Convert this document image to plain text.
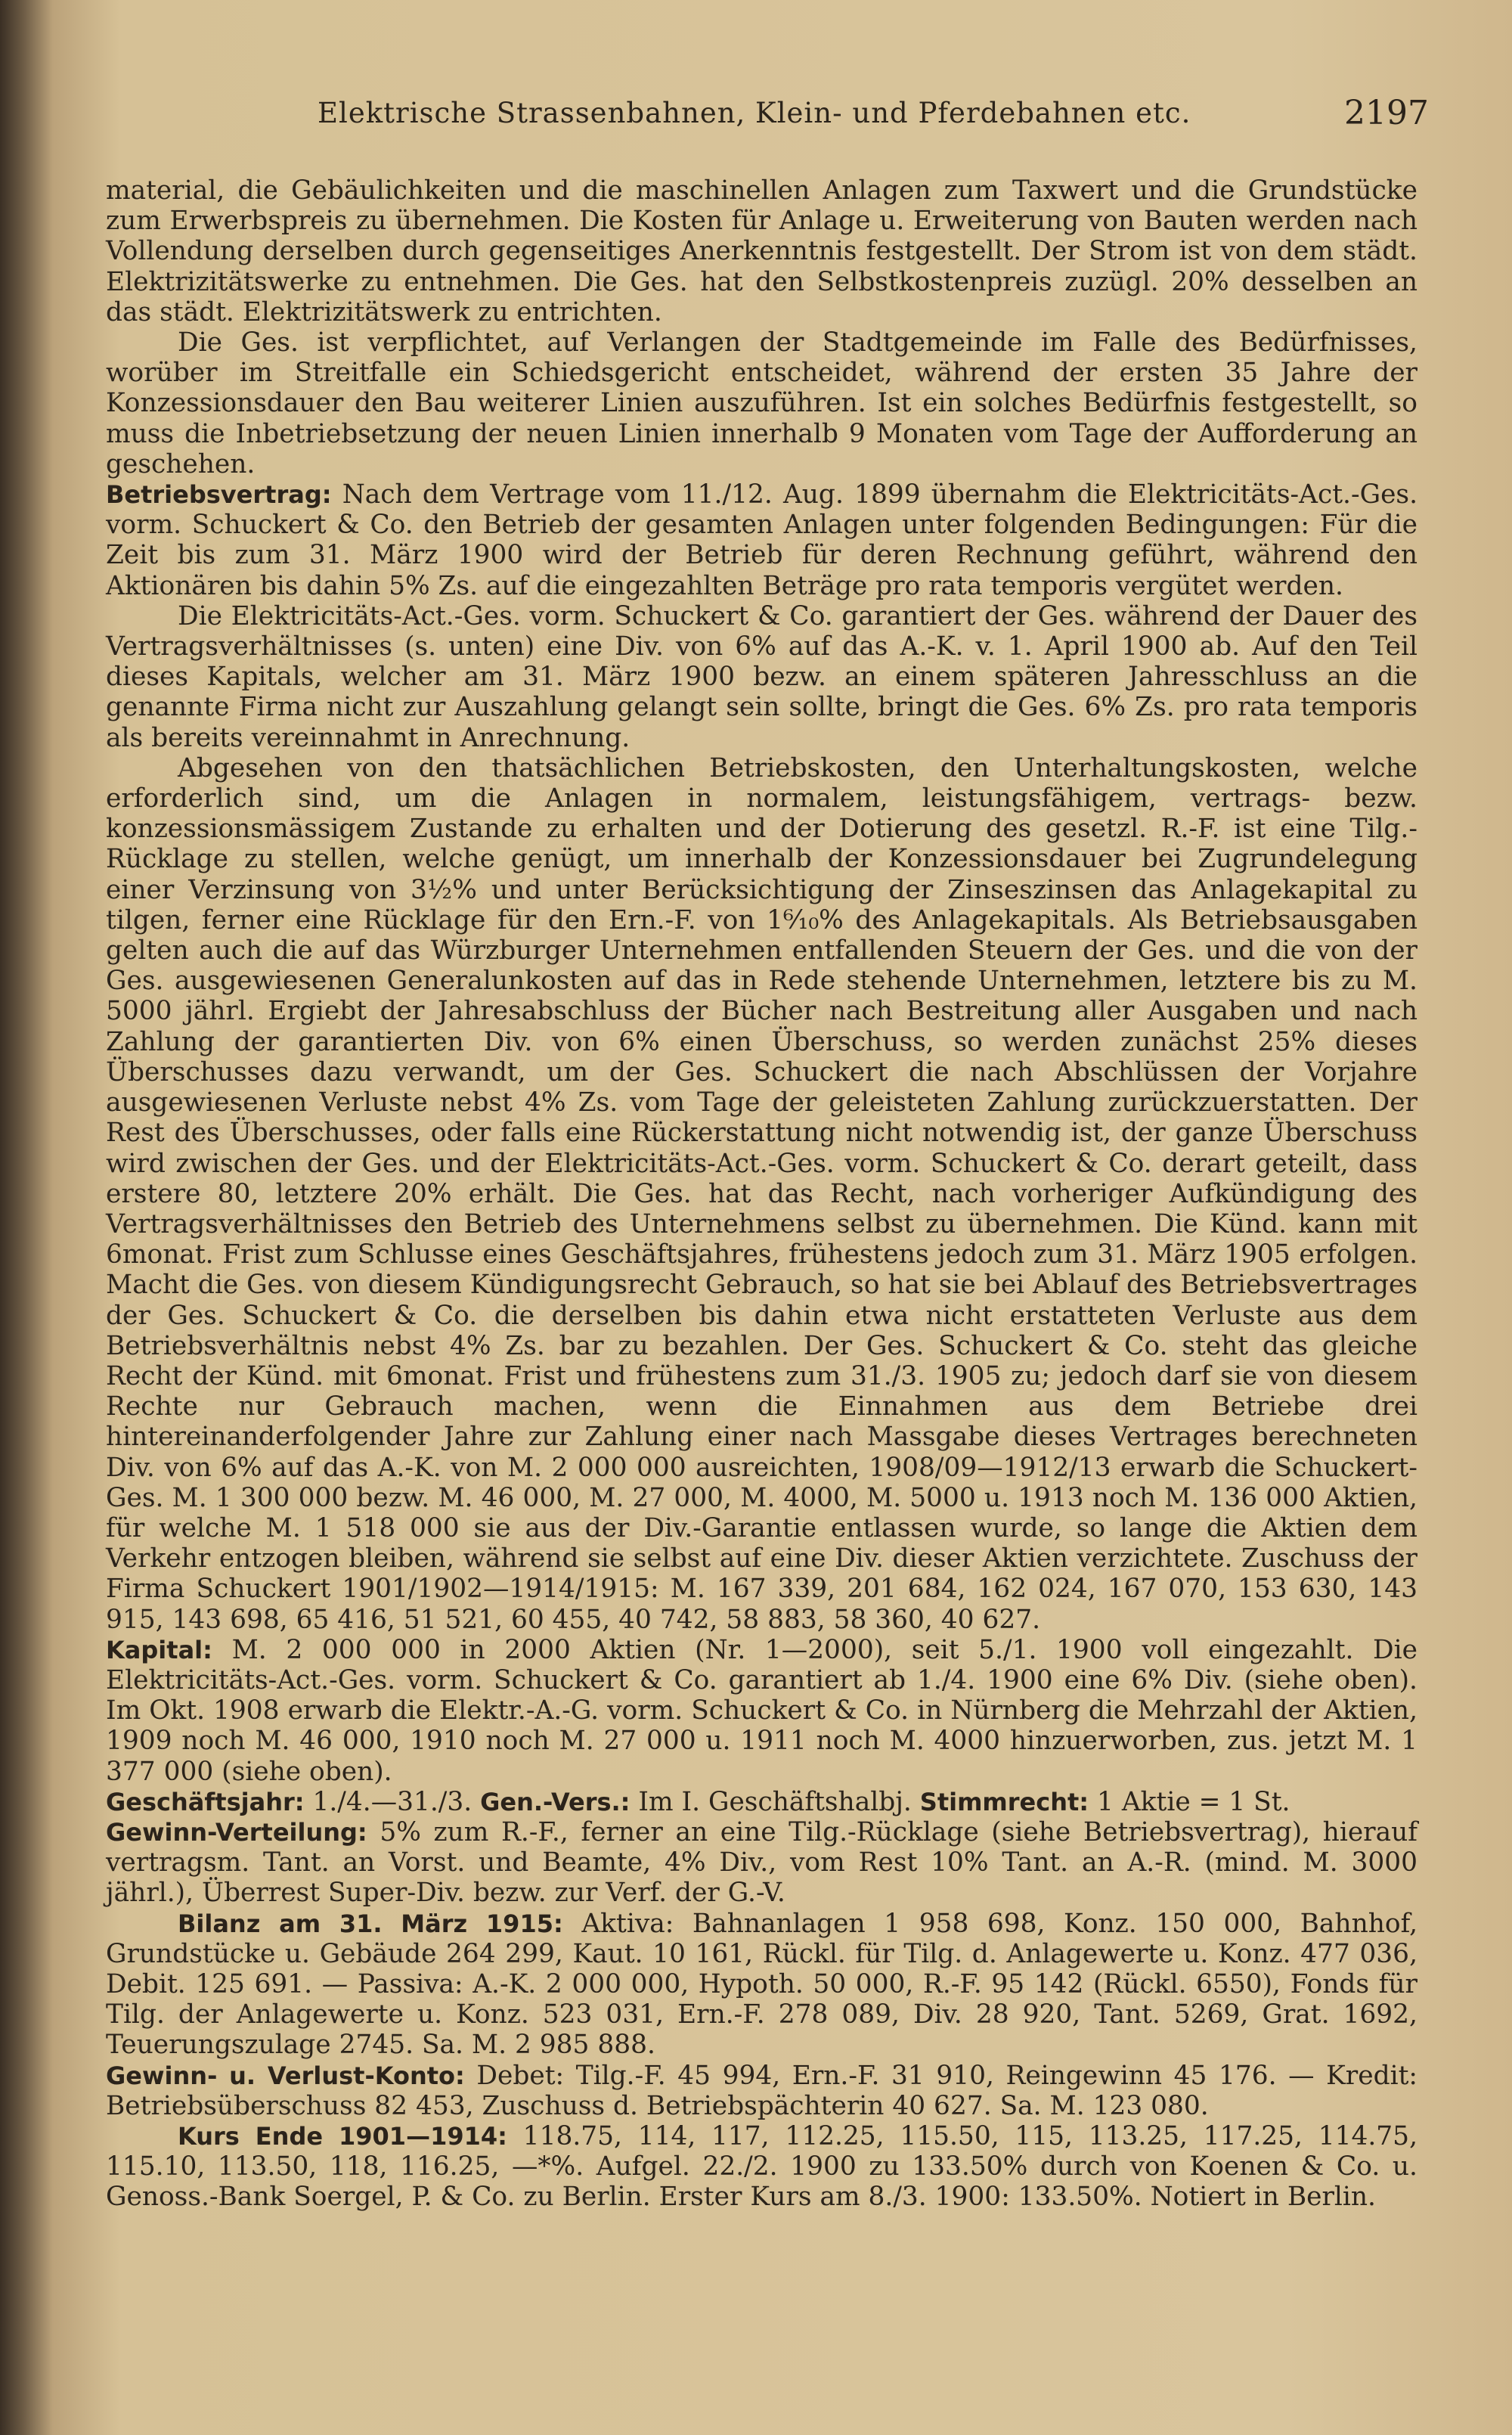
Elektrische Strassenbahnen, Klein- und Pferdebahnen etc.	2197

material, die Gebäulichkeiten und die maschinellen Anlagen zum Taxwert und die Grundstücke zum Erwerbspreis zu übernehmen. Die Kosten für Anlage u. Erweiterung von Bauten werden nach Vollendung derselben durch gegenseitiges Anerkenntnis festgestellt. Der Strom ist von dem städt. Elektrizitätswerke zu entnehmen. Die Ges. hat den Selbstkostenpreis zuzügl. 20% desselben an das städt. Elektrizitätswerk zu entrichten.

Die Ges. ist verpflichtet, auf Verlangen der Stadtgemeinde im Falle des Bedürfnisses, worüber im Streitfalle ein Schiedsgericht entscheidet, während der ersten 35 Jahre der Konzessionsdauer den Bau weiterer Linien auszuführen. Ist ein solches Bedürfnis festgestellt, so muss die Inbetriebsetzung der neuen Linien innerhalb 9 Monaten vom Tage der Aufforderung an geschehen.

Betriebsvertrag: Nach dem Vertrage vom 11./12. Aug. 1899 übernahm die Elektricitäts-Act.-Ges. vorm. Schuckert & Co. den Betrieb der gesamten Anlagen unter folgenden Bedingungen: Für die Zeit bis zum 31. März 1900 wird der Betrieb für deren Rechnung geführt, während den Aktionären bis dahin 5% Zs. auf die eingezahlten Beträge pro rata temporis vergütet werden.

Die Elektricitäts-Act.-Ges. vorm. Schuckert & Co. garantiert der Ges. während der Dauer des Vertragsverhältnisses (s. unten) eine Div. von 6% auf das A.-K. v. 1. April 1900 ab. Auf den Teil dieses Kapitals, welcher am 31. März 1900 bezw. an einem späteren Jahresschluss an die genannte Firma nicht zur Auszahlung gelangt sein sollte, bringt die Ges. 6% Zs. pro rata temporis als bereits vereinnahmt in Anrechnung.

Abgesehen von den thatsächlichen Betriebskosten, den Unterhaltungskosten, welche erforderlich sind, um die Anlagen in normalem, leistungsfähigem, vertrags- bezw. konzessionsmässigem Zustande zu erhalten und der Dotierung des gesetzl. R.-F. ist eine Tilg.-Rücklage zu stellen, welche genügt, um innerhalb der Konzessionsdauer bei Zugrundelegung einer Verzinsung von 3½% und unter Berücksichtigung der Zinseszinsen das Anlagekapital zu tilgen, ferner eine Rücklage für den Ern.-F. von 1⁶⁄₁₀% des Anlagekapitals. Als Betriebsausgaben gelten auch die auf das Würzburger Unternehmen entfallenden Steuern der Ges. und die von der Ges. ausgewiesenen Generalunkosten auf das in Rede stehende Unternehmen, letztere bis zu M. 5000 jährl. Ergiebt der Jahresabschluss der Bücher nach Bestreitung aller Ausgaben und nach Zahlung der garantierten Div. von 6% einen Überschuss, so werden zunächst 25% dieses Überschusses dazu verwandt, um der Ges. Schuckert die nach Abschlüssen der Vorjahre ausgewiesenen Verluste nebst 4% Zs. vom Tage der geleisteten Zahlung zurückzuerstatten. Der Rest des Überschusses, oder falls eine Rückerstattung nicht notwendig ist, der ganze Überschuss wird zwischen der Ges. und der Elektricitäts-Act.-Ges. vorm. Schuckert & Co. derart geteilt, dass erstere 80, letztere 20% erhält. Die Ges. hat das Recht, nach vorheriger Aufkündigung des Vertragsverhältnisses den Betrieb des Unternehmens selbst zu übernehmen. Die Künd. kann mit 6monat. Frist zum Schlusse eines Geschäftsjahres, frühestens jedoch zum 31. März 1905 erfolgen. Macht die Ges. von diesem Kündigungsrecht Gebrauch, so hat sie bei Ablauf des Betriebsvertrages der Ges. Schuckert & Co. die derselben bis dahin etwa nicht erstatteten Verluste aus dem Betriebsverhältnis nebst 4% Zs. bar zu bezahlen. Der Ges. Schuckert & Co. steht das gleiche Recht der Künd. mit 6monat. Frist und frühestens zum 31./3. 1905 zu; jedoch darf sie von diesem Rechte nur Gebrauch machen, wenn die Einnahmen aus dem Betriebe drei hintereinanderfolgender Jahre zur Zahlung einer nach Massgabe dieses Vertrages berechneten Div. von 6% auf das A.-K. von M. 2 000 000 ausreichten, 1908/09—1912/13 erwarb die Schuckert-Ges. M. 1 300 000 bezw. M. 46 000, M. 27 000, M. 4000, M. 5000 u. 1913 noch M. 136 000 Aktien, für welche M. 1 518 000 sie aus der Div.-Garantie entlassen wurde, so lange die Aktien dem Verkehr entzogen bleiben, während sie selbst auf eine Div. dieser Aktien verzichtete. Zuschuss der Firma Schuckert 1901/1902—1914/1915: M. 167 339, 201 684, 162 024, 167 070, 153 630, 143 915, 143 698, 65 416, 51 521, 60 455, 40 742, 58 883, 58 360, 40 627.

Kapital: M. 2 000 000 in 2000 Aktien (Nr. 1—2000), seit 5./1. 1900 voll eingezahlt. Die Elektricitäts-Act.-Ges. vorm. Schuckert & Co. garantiert ab 1./4. 1900 eine 6% Div. (siehe oben). Im Okt. 1908 erwarb die Elektr.-A.-G. vorm. Schuckert & Co. in Nürnberg die Mehrzahl der Aktien, 1909 noch M. 46 000, 1910 noch M. 27 000 u. 1911 noch M. 4000 hinzuerworben, zus. jetzt M. 1 377 000 (siehe oben).

Geschäftsjahr: 1./4.—31./3. Gen.-Vers.: Im I. Geschäftshalbj. Stimmrecht: 1 Aktie = 1 St.

Gewinn-Verteilung: 5% zum R.-F., ferner an eine Tilg.-Rücklage (siehe Betriebsvertrag), hierauf vertragsm. Tant. an Vorst. und Beamte, 4% Div., vom Rest 10% Tant. an A.-R. (mind. M. 3000 jährl.), Überrest Super-Div. bezw. zur Verf. der G.-V.

Bilanz am 31. März 1915: Aktiva: Bahnanlagen 1 958 698, Konz. 150 000, Bahnhof, Grundstücke u. Gebäude 264 299, Kaut. 10 161, Rückl. für Tilg. d. Anlagewerte u. Konz. 477 036, Debit. 125 691. — Passiva: A.-K. 2 000 000, Hypoth. 50 000, R.-F. 95 142 (Rückl. 6550), Fonds für Tilg. der Anlagewerte u. Konz. 523 031, Ern.-F. 278 089, Div. 28 920, Tant. 5269, Grat. 1692, Teuerungszulage 2745. Sa. M. 2 985 888.

Gewinn- u. Verlust-Konto: Debet: Tilg.-F. 45 994, Ern.-F. 31 910, Reingewinn 45 176. — Kredit: Betriebsüberschuss 82 453, Zuschuss d. Betriebspächterin 40 627. Sa. M. 123 080.

Kurs Ende 1901—1914: 118.75, 114, 117, 112.25, 115.50, 115, 113.25, 117.25, 114.75, 115.10, 113.50, 118, 116.25, —*%. Aufgel. 22./2. 1900 zu 133.50% durch von Koenen & Co. u. Genoss.-Bank Soergel, P. & Co. zu Berlin. Erster Kurs am 8./3. 1900: 133.50%. Notiert in Berlin.
